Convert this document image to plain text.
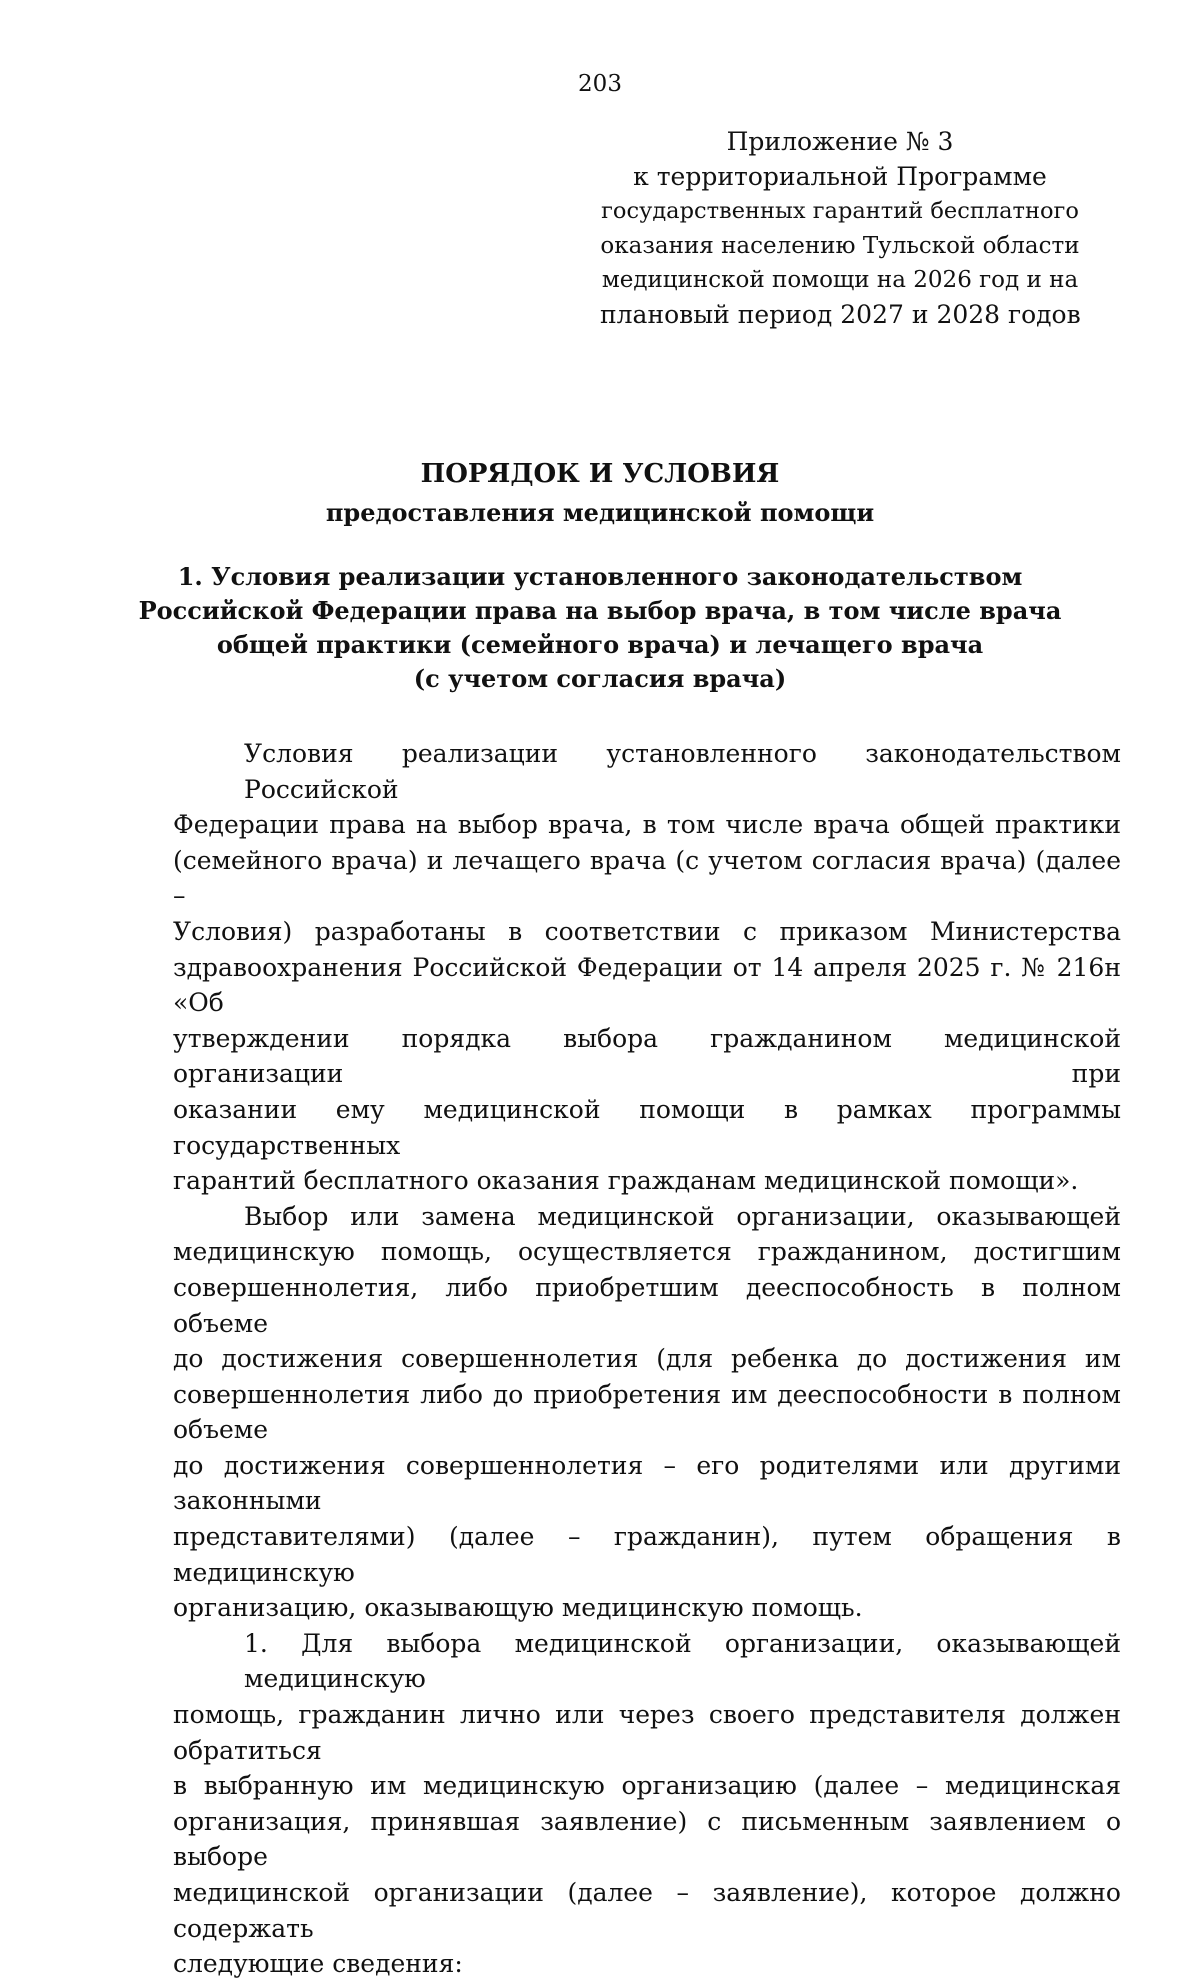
203
Приложение № 3
к территориальной Программе
государственных гарантий бесплатного
оказания населению Тульской области
медицинской помощи на 2026 год и на
плановый период 2027 и 2028 годов
ПОРЯДОК И УСЛОВИЯ
предоставления медицинской помощи
1. Условия реализации установленного законодательством
Российской Федерации права на выбор врача, в том числе врача
общей практики (семейного врача) и лечащего врача
(с учетом согласия врача)
Условия реализации установленного законодательством Российской
Федерации права на выбор врача, в том числе врача общей практики
(семейного врача) и лечащего врача (с учетом согласия врача) (далее –
Условия) разработаны в соответствии с приказом Министерства
здравоохранения Российской Федерации от 14 апреля 2025 г. № 216н «Об
утверждении порядка выбора гражданином медицинской организации при
оказании ему медицинской помощи в рамках программы государственных
гарантий бесплатного оказания гражданам медицинской помощи».
Выбор или замена медицинской организации, оказывающей
медицинскую помощь, осуществляется гражданином, достигшим
совершеннолетия, либо приобретшим дееспособность в полном объеме
до достижения совершеннолетия (для ребенка до достижения им
совершеннолетия либо до приобретения им дееспособности в полном объеме
до достижения совершеннолетия – его родителями или другими законными
представителями) (далее – гражданин), путем обращения в медицинскую
организацию, оказывающую медицинскую помощь.
1. Для выбора медицинской организации, оказывающей медицинскую
помощь, гражданин лично или через своего представителя должен обратиться
в выбранную им медицинскую организацию (далее – медицинская
организация, принявшая заявление) с письменным заявлением о выборе
медицинской организации (далее – заявление), которое должно содержать
следующие сведения:
